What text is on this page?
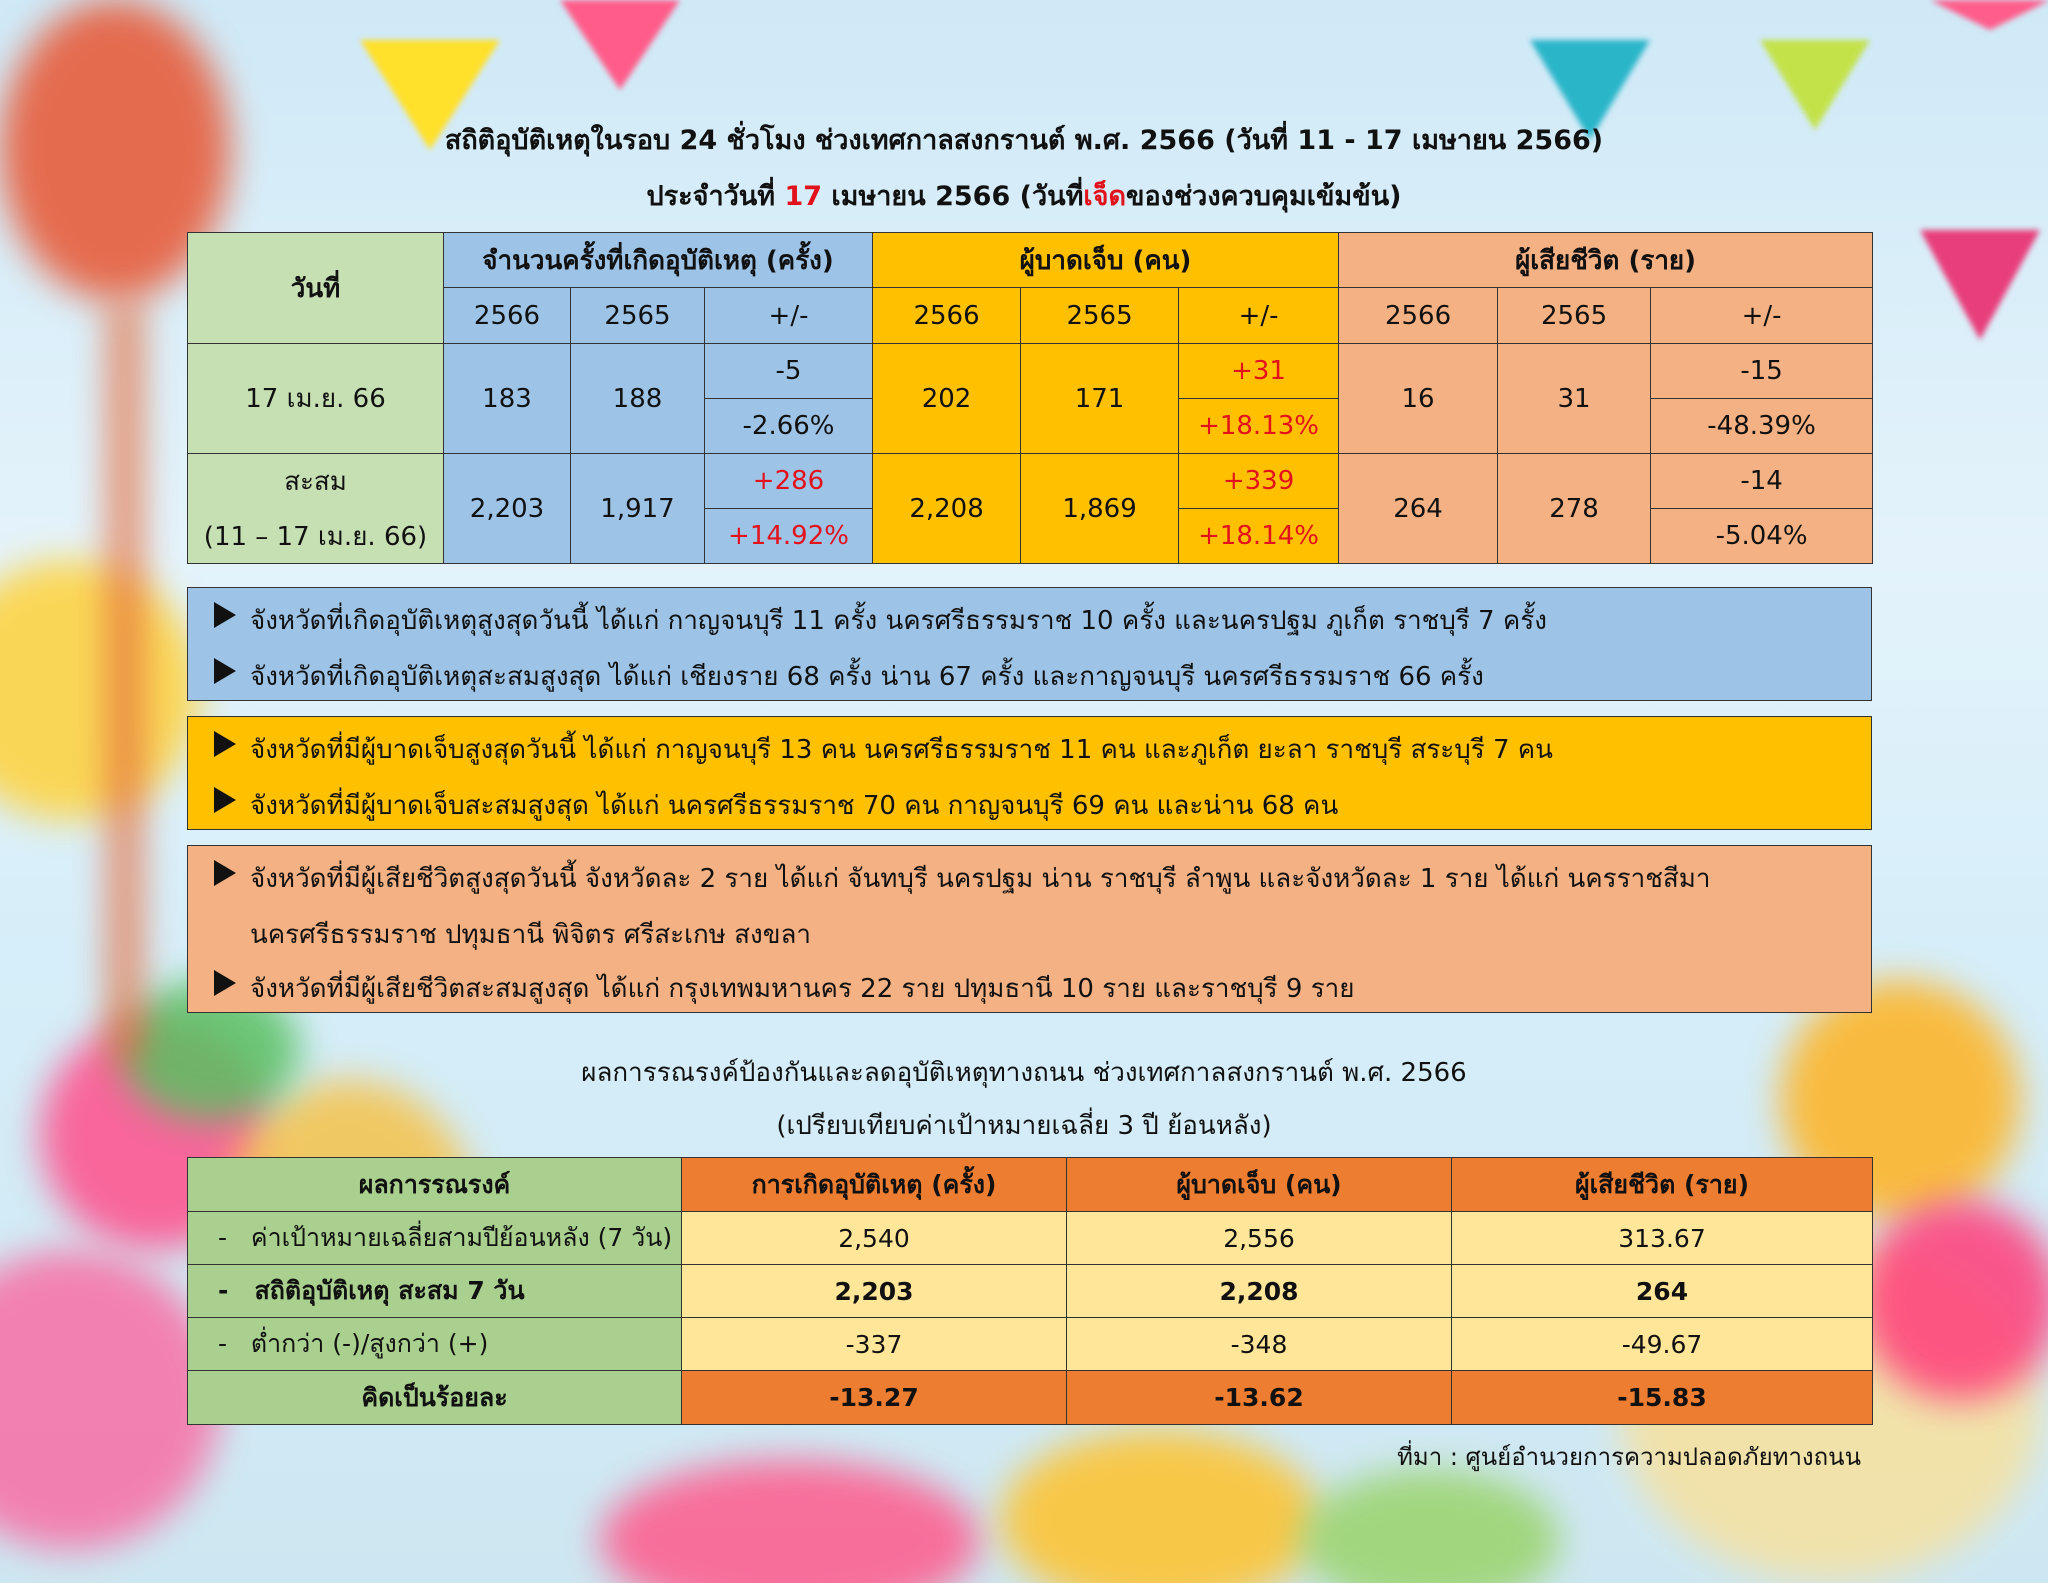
สถิติอุบัติเหตุในรอบ 24 ชั่วโมง ช่วงเทศกาลสงกรานต์ พ.ศ. 2566 (วันที่ 11 - 17 เมษายน 2566)
ประจำวันที่ 17 เมษายน 2566 (วันที่เจ็ดของช่วงควบคุมเข้มข้น)
วันที่	จำนวนครั้งที่เกิดอุบัติเหตุ (ครั้ง)			ผู้บาดเจ็บ (คน)			ผู้เสียชีวิต (ราย)		
	2566	2565	+/-	2566	2565	+/-	2566	2565	+/-
17 เม.ย. 66	183	188	-5	202	171	+31	16	31	-15
			-2.66%			+18.13%			-48.39%

สะสม
(11 – 17 เม.ย. 66)	2,203	1,917	+286	2,208	1,869	+339	264	278	-14
			+14.92%			+18.14%			-5.04%
จังหวัดที่เกิดอุบัติเหตุสูงสุดวันนี้ ได้แก่ กาญจนบุรี 11 ครั้ง นครศรีธรรมราช 10 ครั้ง และนครปฐม ภูเก็ต ราชบุรี 7 ครั้ง
จังหวัดที่เกิดอุบัติเหตุสะสมสูงสุด ได้แก่ เชียงราย 68 ครั้ง น่าน 67 ครั้ง และกาญจนบุรี นครศรีธรรมราช 66 ครั้ง
จังหวัดที่มีผู้บาดเจ็บสูงสุดวันนี้ ได้แก่ กาญจนบุรี 13 คน นครศรีธรรมราช 11 คน และภูเก็ต ยะลา ราชบุรี สระบุรี 7 คน
จังหวัดที่มีผู้บาดเจ็บสะสมสูงสุด ได้แก่ นครศรีธรรมราช 70 คน กาญจนบุรี 69 คน และน่าน 68 คน
จังหวัดที่มีผู้เสียชีวิตสูงสุดวันนี้ จังหวัดละ 2 ราย ได้แก่ จันทบุรี นครปฐม น่าน ราชบุรี ลำพูน และจังหวัดละ 1 ราย ได้แก่ นครราชสีมา
นครศรีธรรมราช ปทุมธานี พิจิตร ศรีสะเกษ สงขลา
จังหวัดที่มีผู้เสียชีวิตสะสมสูงสุด ได้แก่ กรุงเทพมหานคร 22 ราย ปทุมธานี 10 ราย และราชบุรี 9 ราย
ผลการรณรงค์ป้องกันและลดอุบัติเหตุทางถนน ช่วงเทศกาลสงกรานต์ พ.ศ. 2566
(เปรียบเทียบค่าเป้าหมายเฉลี่ย 3 ปี ย้อนหลัง)
ผลการรณรงค์	การเกิดอุบัติเหตุ (ครั้ง)	ผู้บาดเจ็บ (คน)	ผู้เสียชีวิต (ราย)
-   ค่าเป้าหมายเฉลี่ยสามปีย้อนหลัง (7 วัน)	2,540	2,556	313.67
-   สถิติอุบัติเหตุ สะสม 7 วัน	2,203	2,208	264
-   ต่ำกว่า (-)/สูงกว่า (+)	-337	-348	-49.67
คิดเป็นร้อยละ	-13.27	-13.62	-15.83
ที่มา : ศูนย์อำนวยการความปลอดภัยทางถนน
